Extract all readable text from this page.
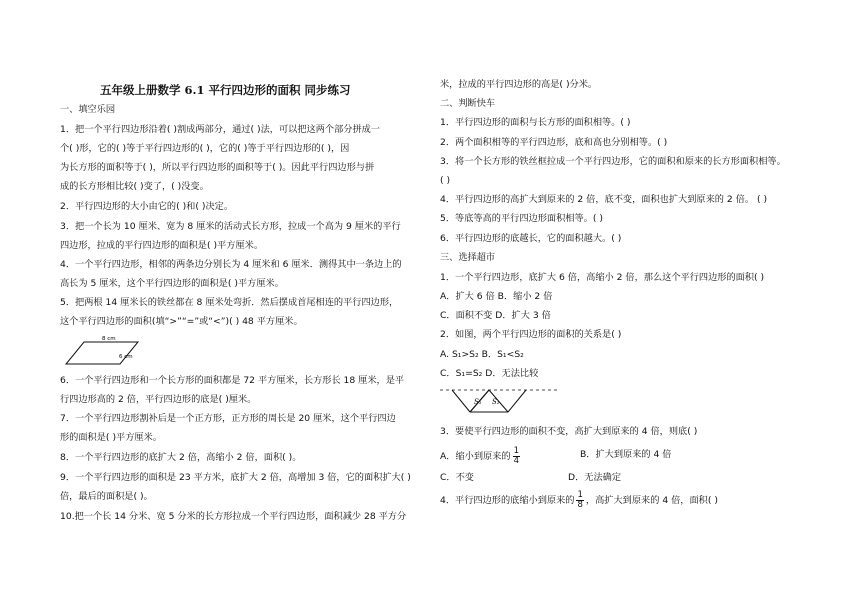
五年级上册数学 6.1 平行四边形的面积 同步练习
一、填空乐园
1．把一个平行四边形沿着( )割成两部分，通过( )法，可以把这两个部分拼成一
个( )形，它的( )等于平行四边形的( )，它的( )等于平行四边形的( )，因
为长方形的面积等于( )，所以平行四边形的面积等于( )。因此平行四边形与拼
成的长方形相比较( )变了，( )没变。
2．平行四边形的大小由它的( )和( )决定。
3．把一个长为 10 厘米、宽为 8 厘米的活动式长方形，拉成一个高为 9 厘米的平行
四边形，拉成的平行四边形的面积是( )平方厘米。
4．一个平行四边形，相邻的两条边分别长为 4 厘米和 6 厘米．测得其中一条边上的
高长为 5 厘米，这个平行四边形的面积是( )平方厘米。
5．把两根 14 厘米长的铁丝都在 8 厘米处弯折．然后摆成首尾相连的平行四边形，
这个平行四边形的面积(填“>”“=”或“<”)( ) 48 平方厘米。
8 cm
6 cm
6．一个平行四边形和一个长方形的面积都是 72 平方厘米，长方形长 18 厘米，是平
行四边形高的 2 倍，平行四边形的底是( )厘米。
7．一个平行四边形割补后是一个正方形，正方形的周长是 20 厘米，这个平行四边
形的面积是( )平方厘米。
8．一个平行四边形的底扩大 2 倍，高缩小 2 倍，面积( )。
9．一个平行四边形的面积是 23 平方米，底扩大 2 倍，高增加 3 倍，它的面积扩大( )
倍，最后的面积是( )。
10.把一个长 14 分米、宽 5 分米的长方形拉成一个平行四边形，面积减少 28 平方分
米，拉成的平行四边形的高是( )分米。
二、判断快车
1．平行四边形的面积与长方形的面积相等。( )
2．两个面积相等的平行四边形，底和高也分别相等。( )
3．将一个长方形的铁丝框拉成一个平行四边形，它的面积和原来的长方形面积相等。
( )
4．平行四边形的高扩大到原来的 2 倍，底不变，面积也扩大到原来的 2 倍。 ( )
5．等底等高的平行四边形面积相等。( )
6．平行四边形的底越长，它的面积越大。( )
三、选择超市
1．一个平行四边形，底扩大 6 倍，高缩小 2 倍，那么这个平行四边形的面积( )
A．扩大 6 倍 B．缩小 2 倍
C．面积不变 D．扩大 3 倍
2．如图，两个平行四边形的面积的关系是( )
A. S₁>S₂ B．S₁<S₂
C．S₁=S₂ D．无法比较
S₁ S₂
3．要使平行四边形的面积不变，高扩大到原来的 4 倍，则底( )
A．缩小到原来的 $\frac{1}{4}$	B．扩大到原来的 4 倍
C．不变	D．无法确定
4．平行四边形的底缩小到原来的 $\frac{1}{8}$ ，高扩大到原来的 4 倍，面积( )
